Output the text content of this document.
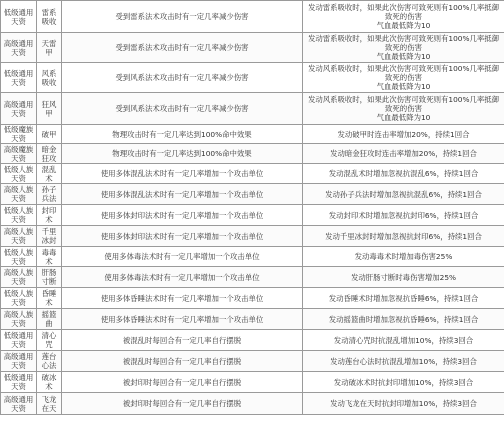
低级通用天资	雷系吸收	受到雷系法术攻击时有一定几率减少伤害	发动雷系吸收时，如果此次伤害可致死则有100%几率抵御致死的伤害
气血最低降为10

高级通用天资	天雷甲	受到雷系法术攻击时有一定几率减少伤害	发动雷系吸收时，如果此次伤害可致死则有100%几率抵御致死的伤害
气血最低降为10

低级通用天资	风系吸收	受到风系法术攻击时有一定几率减少伤害	发动风系吸收时，如果此次伤害可致死则有100%几率抵御致死的伤害
气血最低降为10

高级通用天资	狂风甲	受到风系法术攻击时有一定几率减少伤害	发动风系吸收时，如果此次伤害可致死则有100%几率抵御致死的伤害
气血最低降为10

低级魔族天资	破甲	物理攻击时有一定几率达到100%命中效果	发动破甲时连击率增加20%，持续1回合

高级魔族天资	暗金狂攻	物理攻击时有一定几率达到100%命中效果	发动暗金狂攻时连击率增加20%，持续1回合

低级人族天资	混乱术	使用多体混乱法术时有一定几率增加一个攻击单位	发动混乱术时增加忽视抗混乱6%，持续1回合

高级人族天资	孙子兵法	使用多体混乱法术时有一定几率增加一个攻击单位	发动孙子兵法时增加忽视抗混乱6%，持续1回合

低级人族天资	封印术	使用多体封印法术时有一定几率增加一个攻击单位	发动封印术时增加忽视抗封印6%，持续1回合

高级人族天资	千里冰封	使用多体封印法术时有一定几率增加一个攻击单位	发动千里冰封时增加忽视抗封印6%，持续1回合

低级人族天资	毒毒术	使用多体毒法术时有一定几率增加一个攻击单位	发动毒毒术时增加毒伤害25%

高级人族天资	肝肠寸断	使用多体毒法术时有一定几率增加一个攻击单位	发动肝肠寸断时毒伤害增加25%

低级人族天资	昏睡术	使用多体昏睡法术时有一定几率增加一个攻击单位	发动昏睡术时增加忽视抗昏睡6%，持续1回合

高级人族天资	摇篮曲	使用多体昏睡法术时有一定几率增加一个攻击单位	发动摇篮曲时增加忽视抗昏睡6%，持续1回合

低级通用天资	清心咒	被混乱时每回合有一定几率自行摆脱	发动清心咒时抗混乱增加10%，持续3回合

高级通用天资	莲台心法	被混乱时每回合有一定几率自行摆脱	发动莲台心法时抗混乱增加10%，持续3回合

低级通用天资	破冰术	被封印时每回合有一定几率自行摆脱	发动破冰术时抗封印增加10%，持续3回合

高级通用天资	飞龙在天	被封印时每回合有一定几率自行摆脱	发动飞龙在天时抗封印增加10%，持续3回合
